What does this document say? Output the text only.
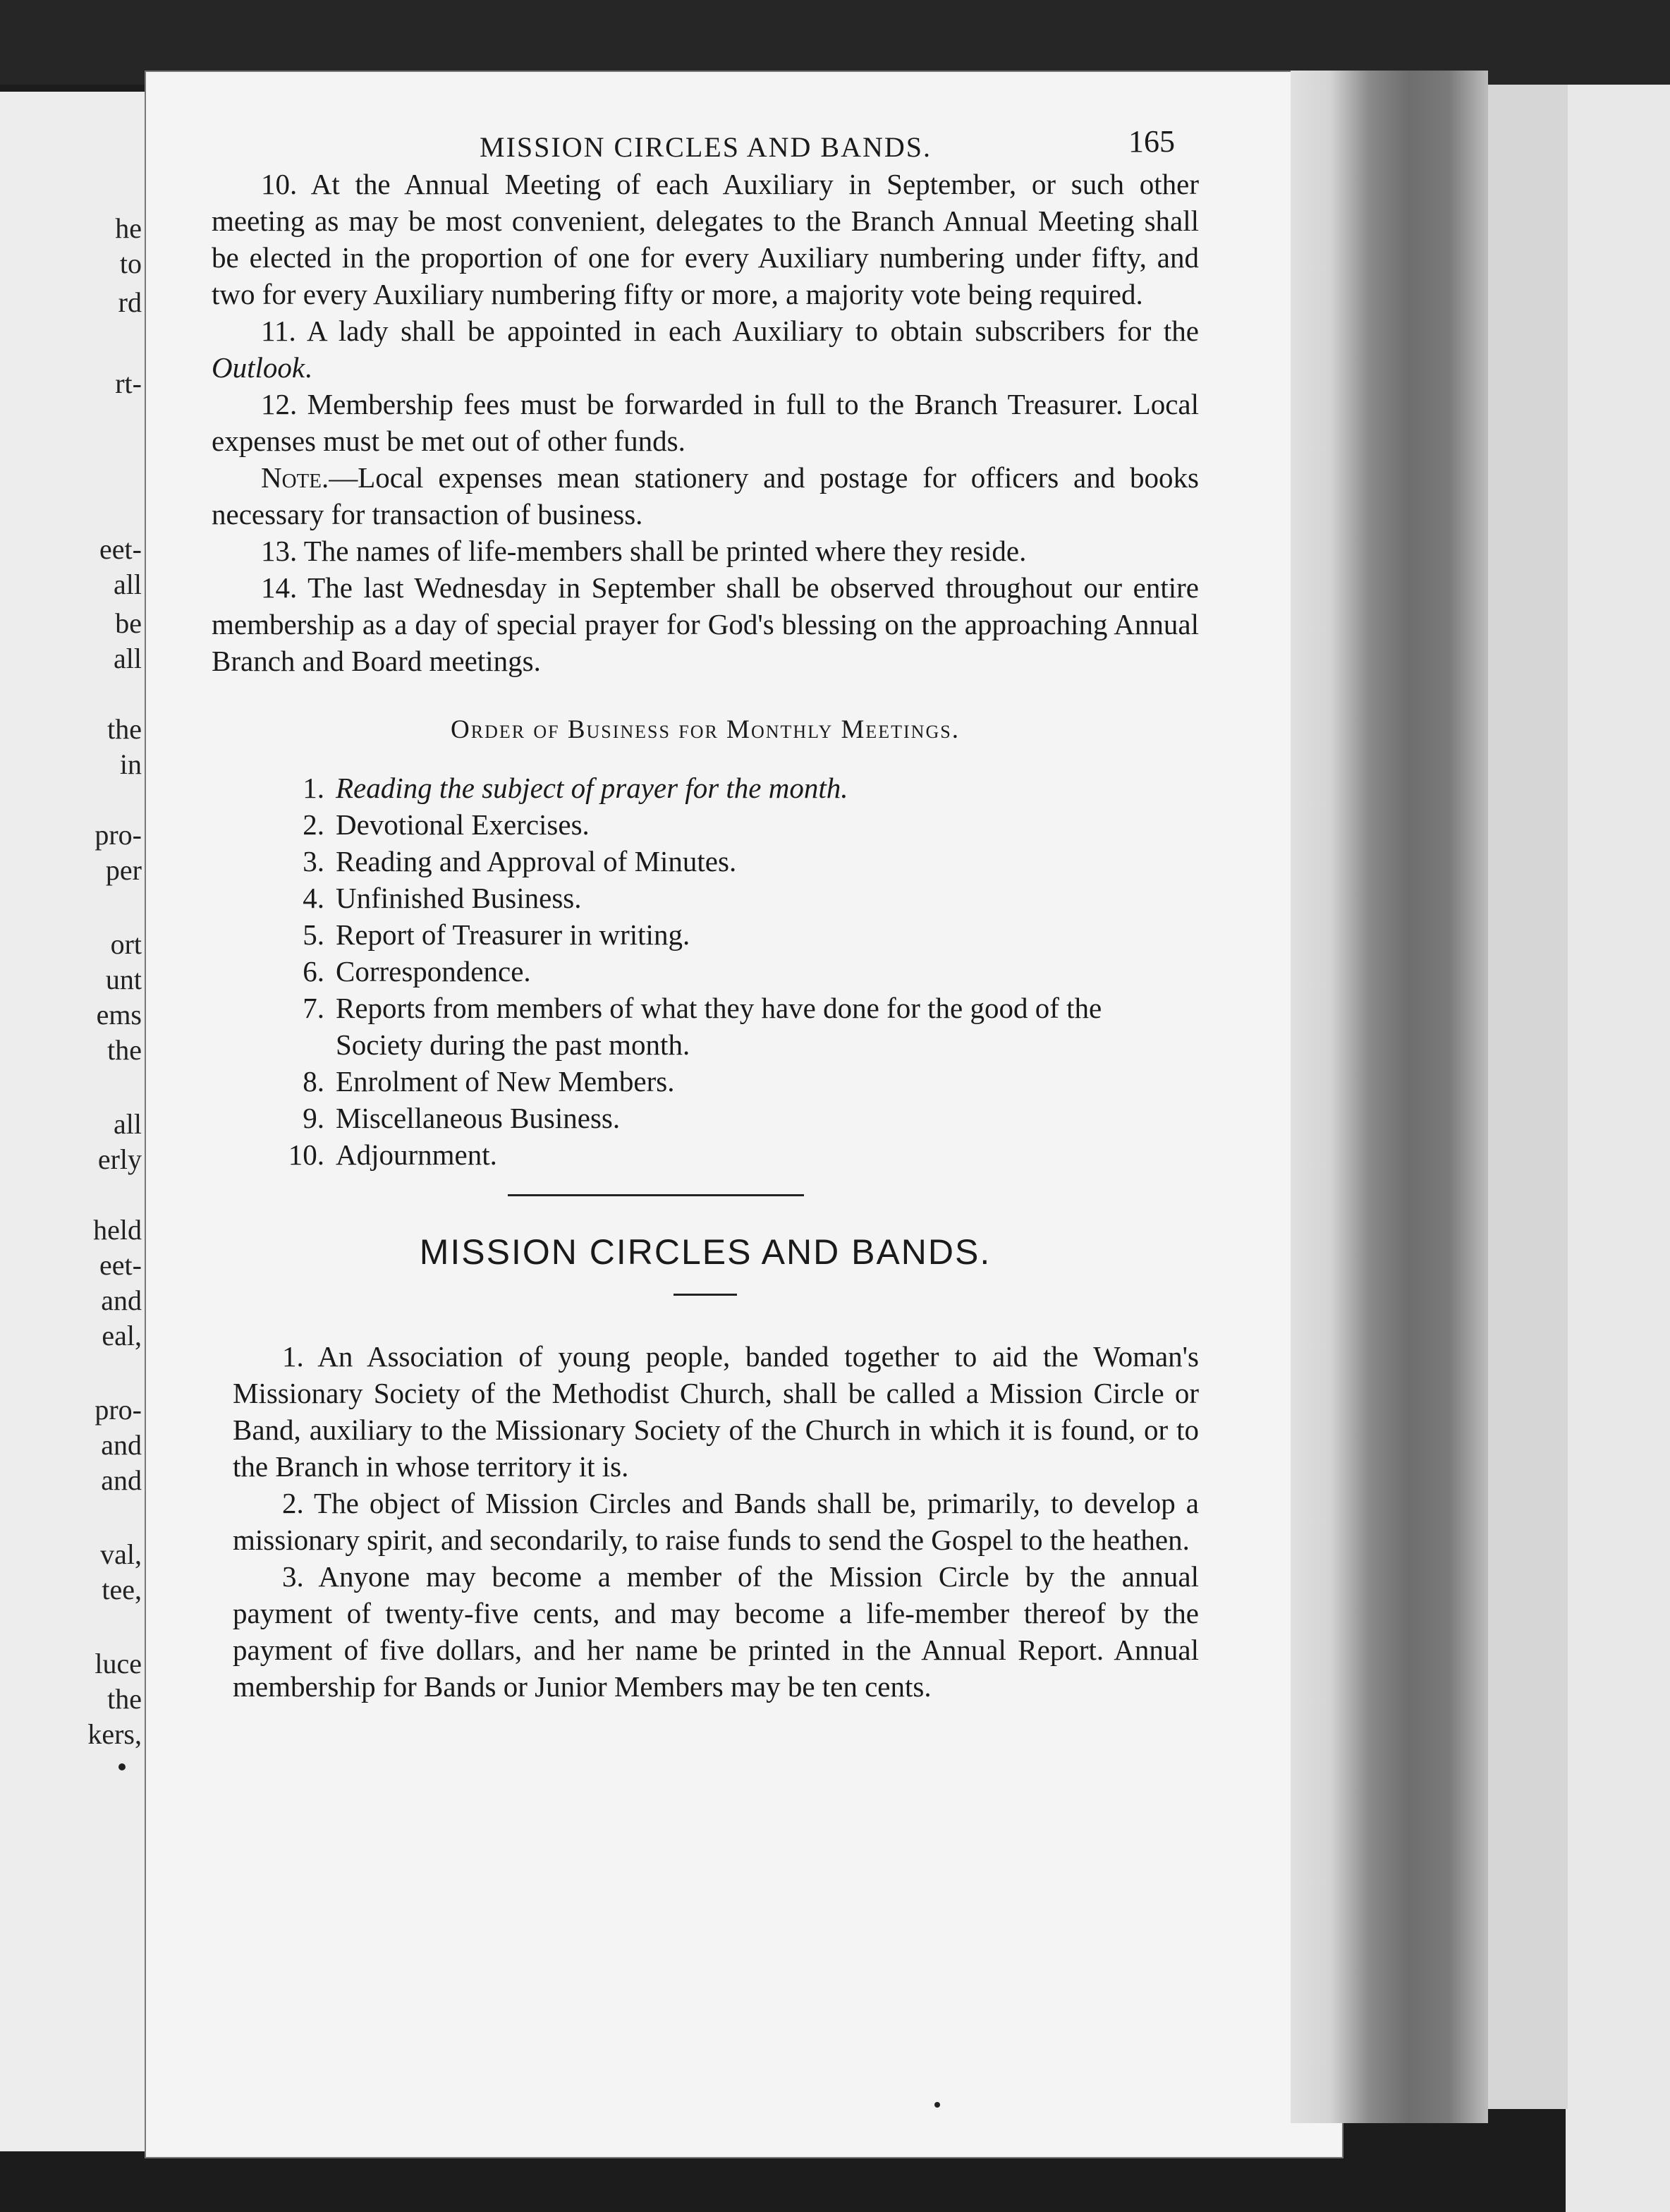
he
to
rd
rt-
eet-
all
be
all
the
in
pro-
per
ort
unt
ems
the
all
erly
held
eet-
and
eal,
pro-
and
and
val,
tee,
luce
the
kers,
MISSION CIRCLES AND BANDS.	165

10. At the Annual Meeting of each Auxiliary in September, or such other meeting as may be most convenient, delegates to the Branch Annual Meeting shall be elected in the proportion of one for every Auxiliary numbering under fifty, and two for every Auxiliary numbering fifty or more, a majority vote being required.

11. A lady shall be appointed in each Auxiliary to obtain subscribers for the Outlook.

12. Membership fees must be forwarded in full to the Branch Treasurer. Local expenses must be met out of other funds.

Note.—Local expenses mean stationery and postage for officers and books necessary for transaction of business.

13. The names of life-members shall be printed where they reside.

14. The last Wednesday in September shall be observed throughout our entire membership as a day of special prayer for God's blessing on the approaching Annual Branch and Board meetings.

Order of Business for Monthly Meetings.
1. Reading the subject of prayer for the month.
2. Devotional Exercises.
3. Reading and Approval of Minutes.
4. Unfinished Business.
5. Report of Treasurer in writing.
6. Correspondence.
7. Reports from members of what they have done for the good of the Society during the past month.
8. Enrolment of New Members.
9. Miscellaneous Business.
10. Adjournment.
MISSION CIRCLES AND BANDS.

1. An Association of young people, banded together to aid the Woman's Missionary Society of the Methodist Church, shall be called a Mission Circle or Band, auxiliary to the Missionary Society of the Church in which it is found, or to the Branch in whose territory it is.

2. The object of Mission Circles and Bands shall be, primarily, to develop a missionary spirit, and secondarily, to raise funds to send the Gospel to the heathen.

3. Anyone may become a member of the Mission Circle by the annual payment of twenty-five cents, and may become a life-member thereof by the payment of five dollars, and her name be printed in the Annual Report. Annual membership for Bands or Junior Members may be ten cents.
